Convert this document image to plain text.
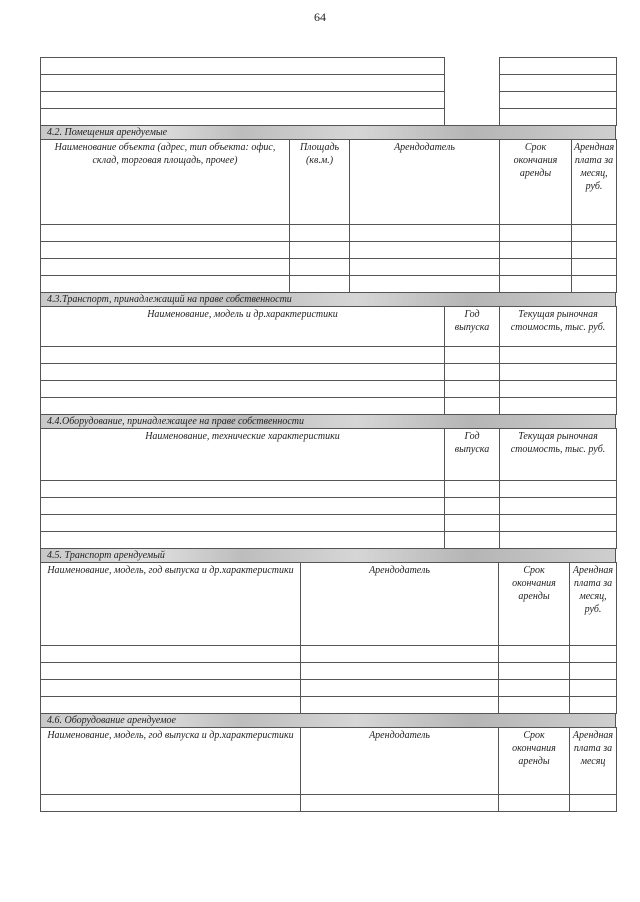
64

4.2. Помещения арендуемые
Наименование объекта (адрес, тип объекта: офис, склад, торговая площадь, прочее)	Площадь (кв.м.)	Арендодатель	Срок окончания аренды	Арендная плата за месяц, руб.

4.3.Транспорт, принадлежащий на праве собственности
Наименование, модель и др.характеристики	Год выпуска	Текущая рыночная стоимость, тыс. руб.

4.4.Оборудование, принадлежащее на праве собственности
Наименование, технические характеристики	Год выпуска	Текущая рыночная стоимость, тыс. руб.

4.5. Транспорт арендуемый
Наименование, модель, год выпуска и др.характеристики	Арендодатель	Срок окончания аренды	Арендная плата за месяц, руб.

4.6. Оборудование арендуемое
Наименование, модель, год выпуска и др.характеристики	Арендодатель	Срок окончания аренды	Арендная плата за месяц
